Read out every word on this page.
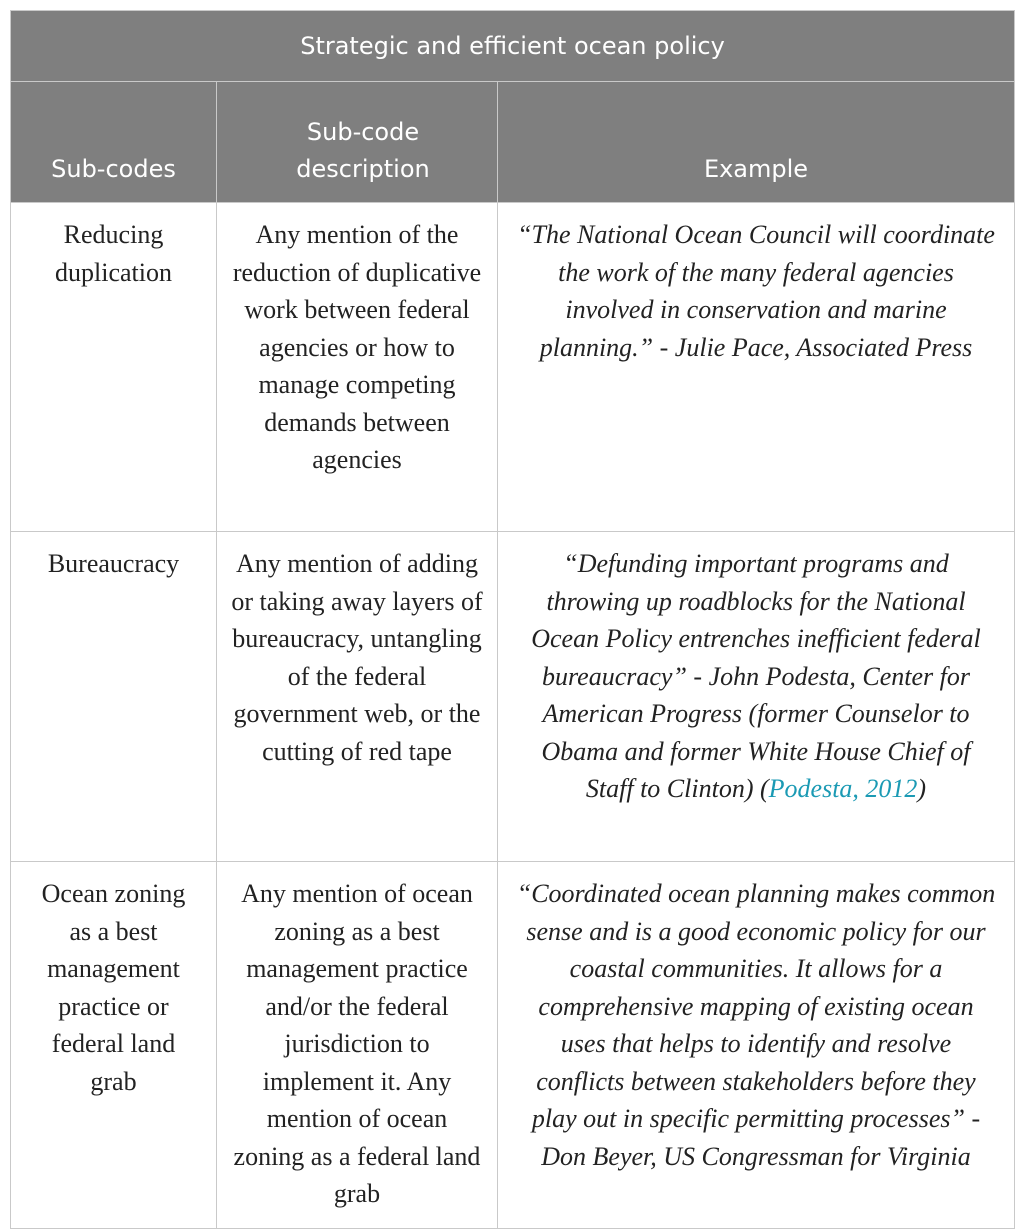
Strategic and efficient ocean policy		
Sub-codes	Sub-code description	Example
Reducing duplication	Any mention of the reduction of duplicative work between federal agencies or how to manage competing demands between agencies	“The National Ocean Council will coordinate the work of the many federal agencies involved in conservation and marine planning.” - Julie Pace, Associated Press
Bureaucracy	Any mention of adding or taking away layers of bureaucracy, untangling of the federal government web, or the cutting of red tape	“Defunding important programs and throwing up roadblocks for the National Ocean Policy entrenches inefficient federal bureaucracy” - John Podesta, Center for American Progress (former Counselor to Obama and former White House Chief of Staff to Clinton) (Podesta, 2012)
Ocean zoning as a best management practice or federal land grab	Any mention of ocean zoning as a best management practice and/or the federal jurisdiction to implement it. Any mention of ocean zoning as a federal land grab	“Coordinated ocean planning makes common sense and is a good economic policy for our coastal communities. It allows for a comprehensive mapping of existing ocean uses that helps to identify and resolve conflicts between stakeholders before they play out in specific permitting processes” - Don Beyer, US Congressman for Virginia
